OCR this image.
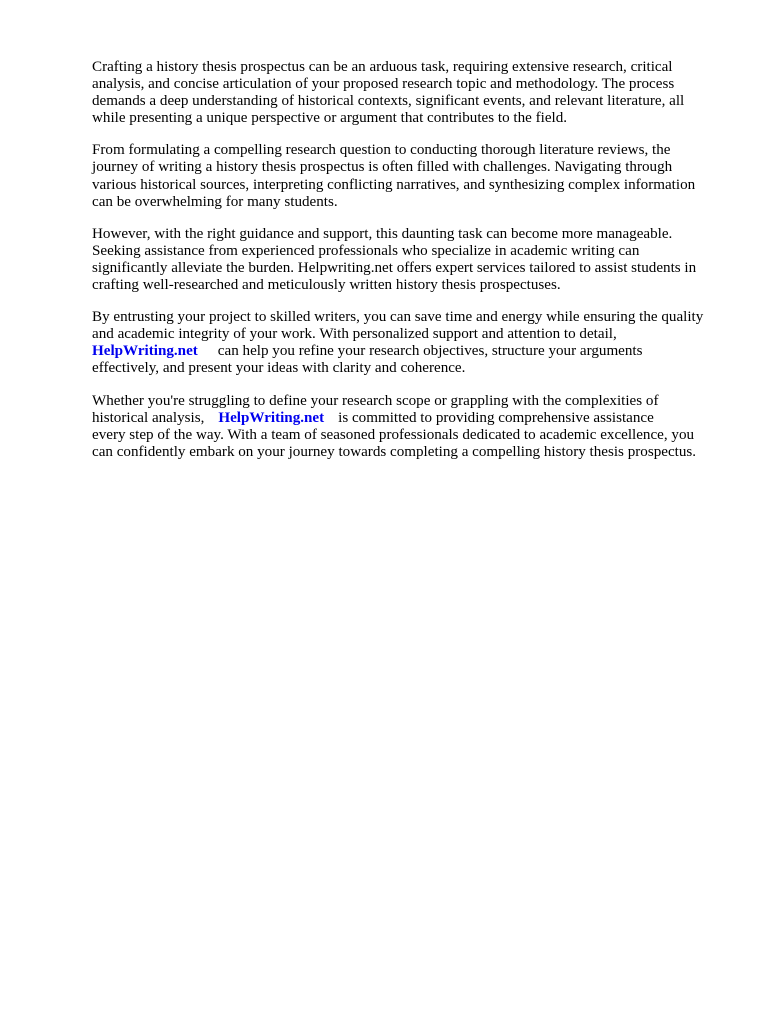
Crafting a history thesis prospectus can be an arduous task, requiring extensive research, critical
analysis, and concise articulation of your proposed research topic and methodology. The process
demands a deep understanding of historical contexts, significant events, and relevant literature, all
while presenting a unique perspective or argument that contributes to the field.

From formulating a compelling research question to conducting thorough literature reviews, the
journey of writing a history thesis prospectus is often filled with challenges. Navigating through
various historical sources, interpreting conflicting narratives, and synthesizing complex information
can be overwhelming for many students.

However, with the right guidance and support, this daunting task can become more manageable.
Seeking assistance from experienced professionals who specialize in academic writing can
significantly alleviate the burden. Helpwriting.net offers expert services tailored to assist students in
crafting well-researched and meticulously written history thesis prospectuses.

By entrusting your project to skilled writers, you can save time and energy while ensuring the quality
and academic integrity of your work. With personalized support and attention to detail,
HelpWriting.net can help you refine your research objectives, structure your arguments
effectively, and present your ideas with clarity and coherence.

Whether you're struggling to define your research scope or grappling with the complexities of
historical analysis, HelpWriting.net is committed to providing comprehensive assistance
every step of the way. With a team of seasoned professionals dedicated to academic excellence, you
can confidently embark on your journey towards completing a compelling history thesis prospectus.
